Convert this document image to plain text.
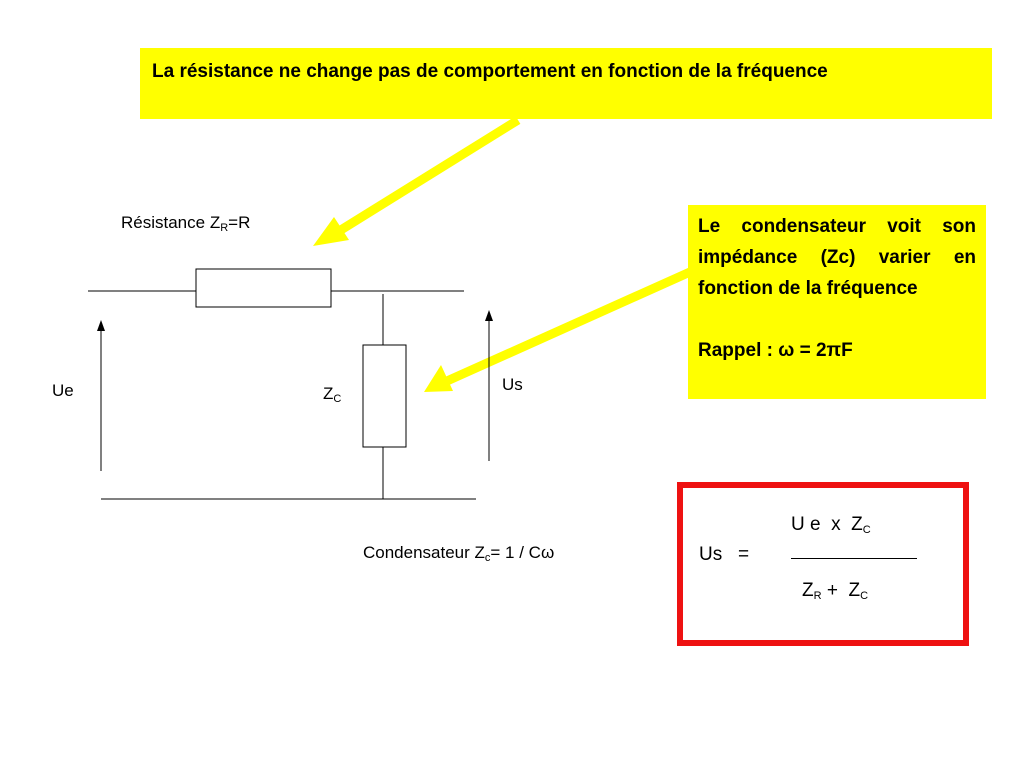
La résistance ne change pas de comportement en fonction de la fréquence
Le condensateur voit son impédance (Zc) varier en fonction de la fréquence
Rappel : ω = 2πF
Résistance $Z_R=R$
Ue	Us
$Z_C$
Condensateur $Z_c= 1 / C\omega$	Us   =
U e  x  $Z_C$
$Z_R + Z_C$
